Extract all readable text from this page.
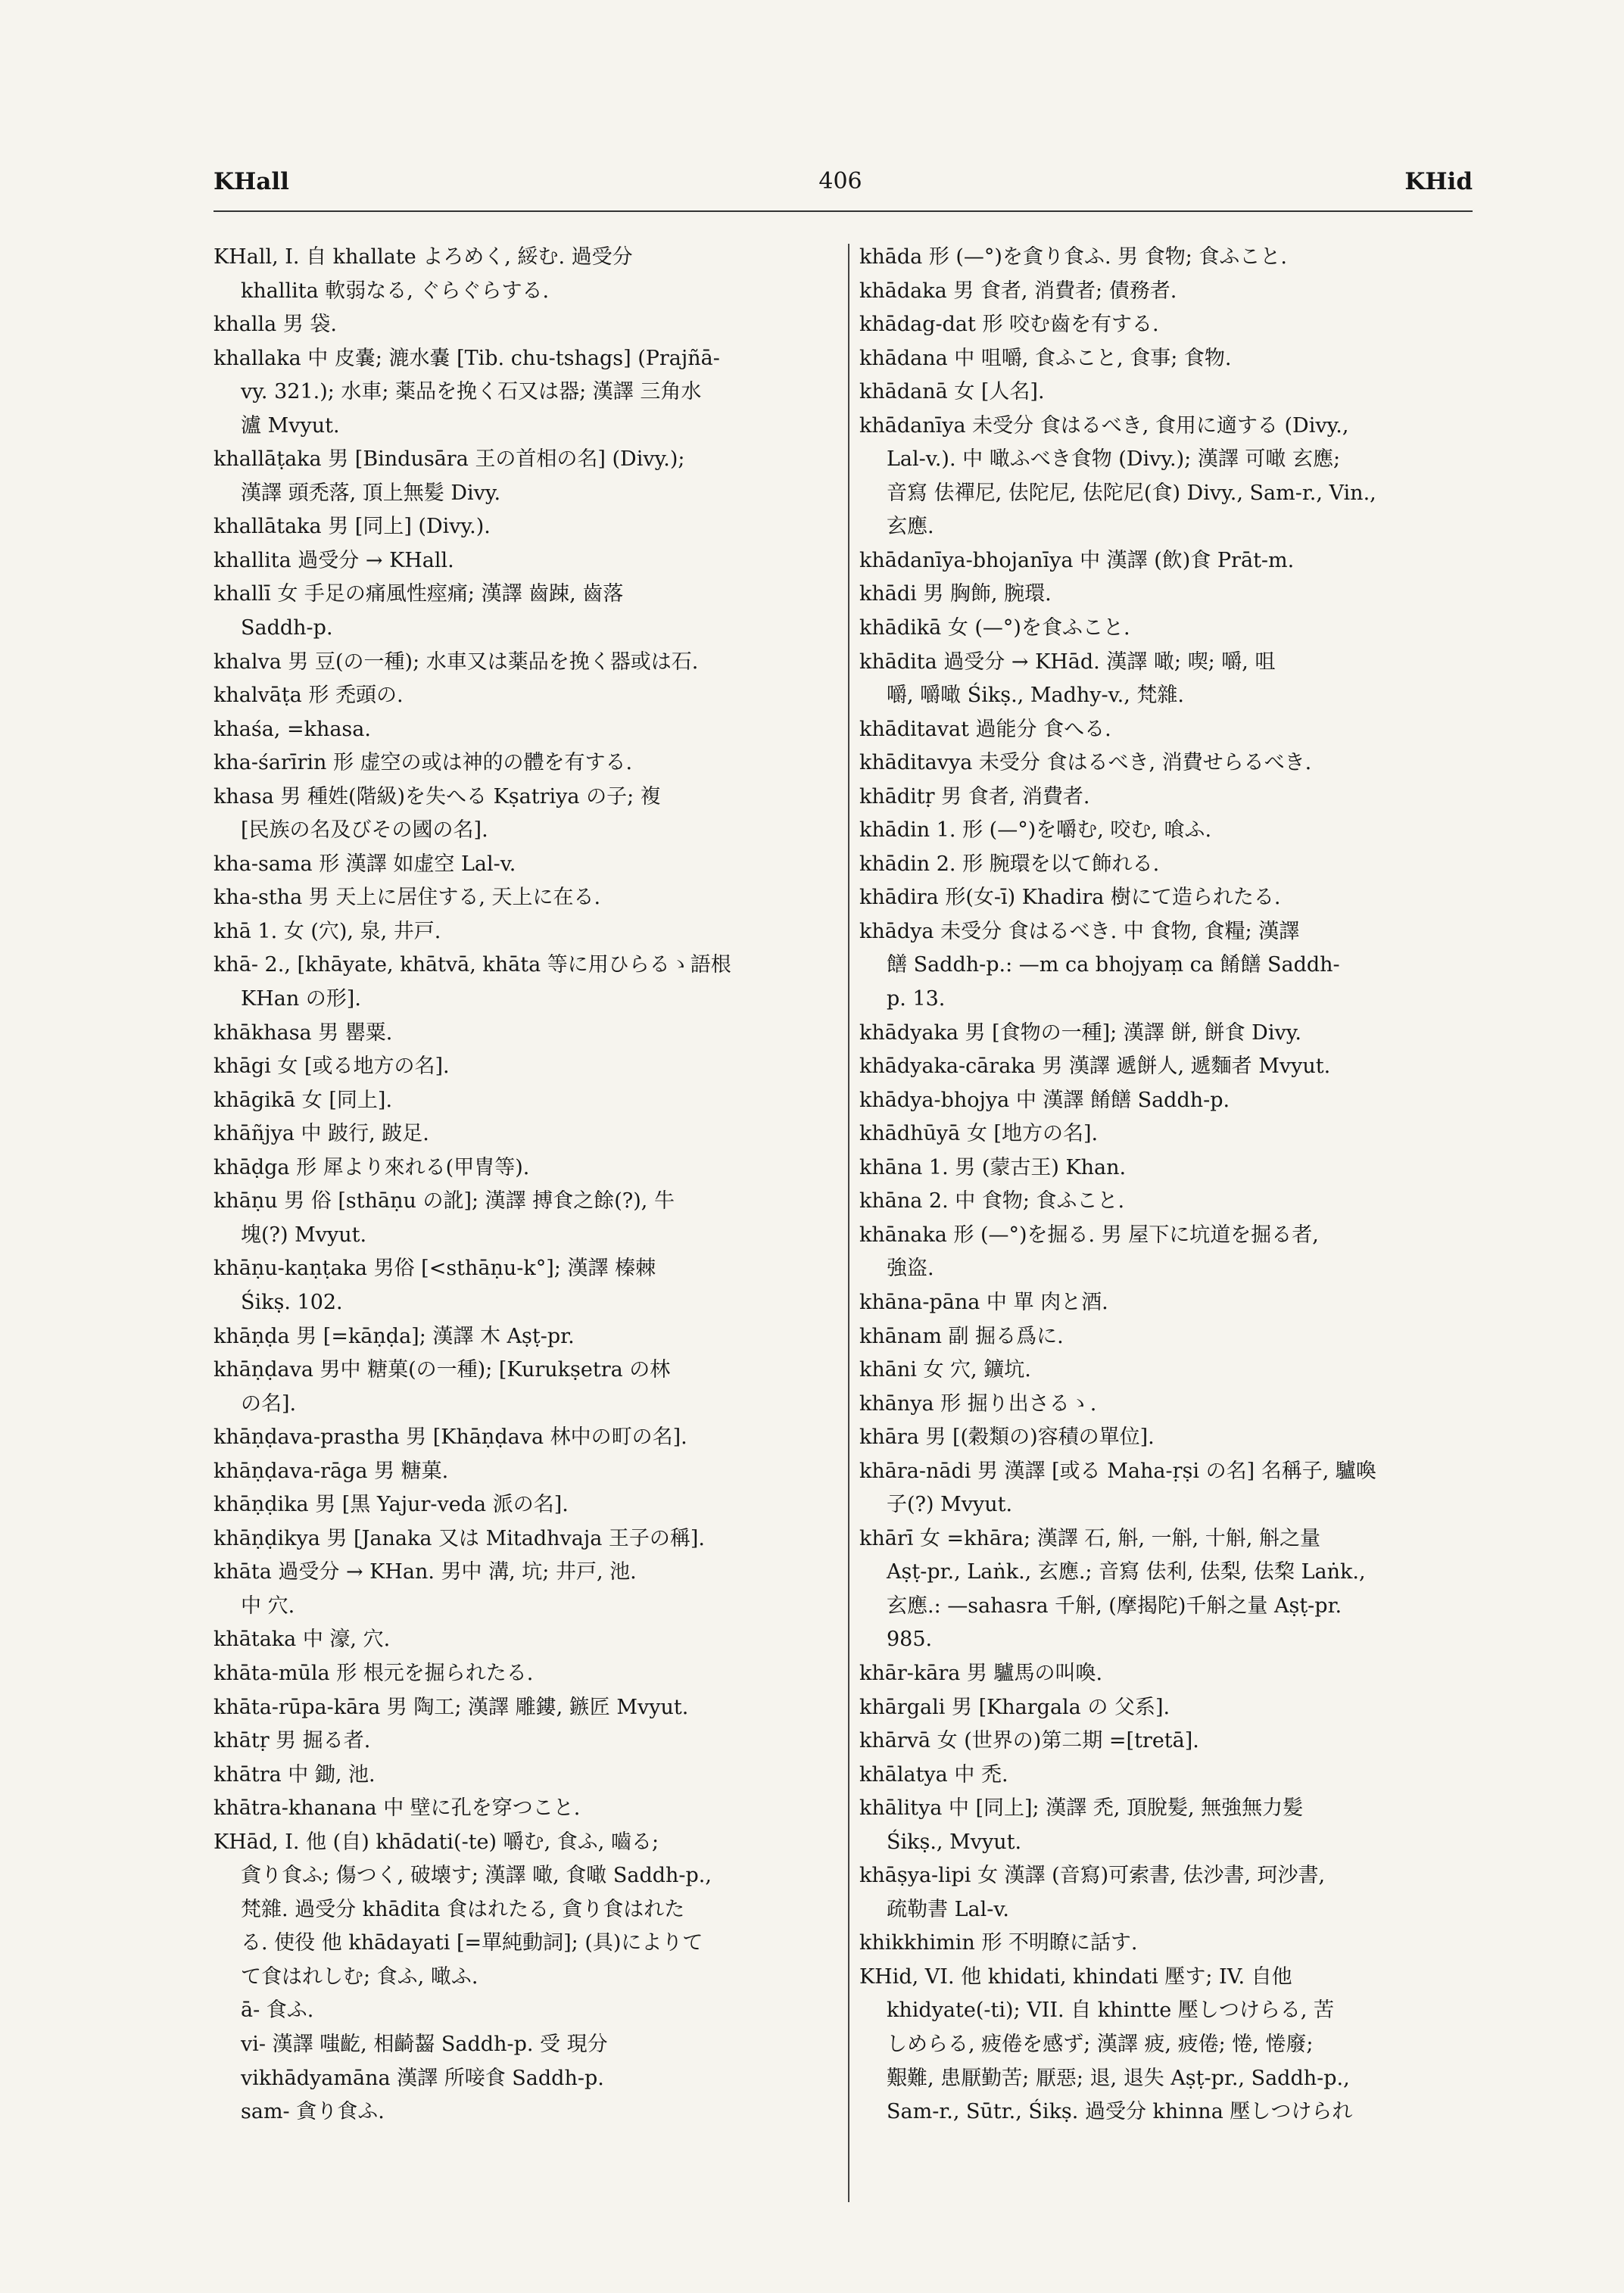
KHall	406	KHid
KHall, I. 自 khallate よろめく, 綏む. 過受分
khallita 軟弱なる, ぐらぐらする.
khalla 男 袋.
khallaka 中 皮嚢; 漉水嚢 [Tib. chu-tshags] (Prajñā-
vy. 321.); 水車; 薬品を挽く石又は器; 漢譯 三角水
瀘 Mvyut.
khallāṭaka 男 [Bindusāra 王の首相の名] (Divy.);
漢譯 頭禿落, 頂上無髪 Divy.
khallātaka 男 [同上] (Divy.).
khallita 過受分 → KHall.
khallī 女 手足の痛風性痙痛; 漢譯 齒踈, 齒落
Saddh-p.
khalva 男 豆(の一種); 水車又は薬品を挽く器或は石.
khalvāṭa 形 禿頭の.
khaśa, =khasa.
kha-śarīrin 形 虚空の或は神的の體を有する.
khasa 男 種姓(階級)を失へる Kṣatriya の子; 複
[民族の名及びその國の名].
kha-sama 形 漢譯 如虚空 Lal-v.
kha-stha 男 天上に居住する, 天上に在る.
khā 1. 女 (穴), 泉, 井戸.
khā- 2., [khāyate, khātvā, khāta 等に用ひらるゝ語根
KHan の形].
khākhasa 男 罌粟.
khāgi 女 [或る地方の名].
khāgikā 女 [同上].
khāñjya 中 跛行, 跛足.
khāḍga 形 犀より來れる(甲冑等).
khāṇu 男 俗 [sthāṇu の訛]; 漢譯 搏食之餘(?), 牛
塊(?) Mvyut.
khāṇu-kaṇṭaka 男俗 [<sthāṇu-k°]; 漢譯 榛棘
Śikṣ. 102.
khāṇḍa 男 [=kāṇḍa]; 漢譯 木 Aṣṭ-pr.
khāṇḍava 男中 糖菓(の一種); [Kurukṣetra の林
の名].
khāṇḍava-prastha 男 [Khāṇḍava 林中の町の名].
khāṇḍava-rāga 男 糖菓.
khāṇḍika 男 [黒 Yajur-veda 派の名].
khāṇḍikya 男 [Janaka 又は Mitadhvaja 王子の稱].
khāta 過受分 → KHan. 男中 溝, 坑; 井戸, 池.
中 穴.
khātaka 中 濠, 穴.
khāta-mūla 形 根元を掘られたる.
khāta-rūpa-kāra 男 陶工; 漢譯 雕鏤, 鏃匠 Mvyut.
khātṛ 男 掘る者.
khātra 中 鋤, 池.
khātra-khanana 中 壁に孔を穿つこと.
KHād, I. 他 (自) khādati(-te) 嚼む, 食ふ, 嚙る;
貪り食ふ; 傷つく, 破壊す; 漢譯 噉, 食噉 Saddh-p.,
梵雜. 過受分 khādita 食はれたる, 貪り食はれた
る. 使役 他 khādayati [=單純動詞]; (具)によりて
て食はれしむ; 食ふ, 噉ふ.
ā- 食ふ.
vi- 漢譯 嗤齕, 相齮齧 Saddh-p. 受 現分
vikhādyamāna 漢譯 所唼食 Saddh-p.
sam- 貪り食ふ.
khāda 形 (—°)を貪り食ふ. 男 食物; 食ふこと.
khādaka 男 食者, 消費者; 債務者.
khādag-dat 形 咬む齒を有する.
khādana 中 咀嚼, 食ふこと, 食事; 食物.
khādanā 女 [人名].
khādanīya 未受分 食はるべき, 食用に適する (Divy.,
Lal-v.). 中 噉ふべき食物 (Divy.); 漢譯 可噉 玄應;
音寫 佉禪尼, 佉陀尼, 佉陀尼(食) Divy., Sam-r., Vin.,
玄應.
khādanīya-bhojanīya 中 漢譯 (飲)食 Prāt-m.
khādi 男 胸飾, 腕環.
khādikā 女 (—°)を食ふこと.
khādita 過受分 → KHād. 漢譯 噉; 喫; 嚼, 咀
嚼, 嚼噉 Śikṣ., Madhy-v., 梵雜.
khāditavat 過能分 食へる.
khāditavya 未受分 食はるべき, 消費せらるべき.
khāditṛ 男 食者, 消費者.
khādin 1. 形 (—°)を嚼む, 咬む, 喰ふ.
khādin 2. 形 腕環を以て飾れる.
khādira 形(女-ī) Khadira 樹にて造られたる.
khādya 未受分 食はるべき. 中 食物, 食糧; 漢譯
饍 Saddh-p.: —m ca bhojyaṃ ca 餚饍 Saddh-
p. 13.
khādyaka 男 [食物の一種]; 漢譯 餅, 餅食 Divy.
khādyaka-cāraka 男 漢譯 遞餅人, 遞麵者 Mvyut.
khādya-bhojya 中 漢譯 餚饍 Saddh-p.
khādhūyā 女 [地方の名].
khāna 1. 男 (蒙古王) Khan.
khāna 2. 中 食物; 食ふこと.
khānaka 形 (—°)を掘る. 男 屋下に坑道を掘る者,
強盗.
khāna-pāna 中 單 肉と酒.
khānam 副 掘る爲に.
khāni 女 穴, 鑛坑.
khānya 形 掘り出さるゝ.
khāra 男 [(穀類の)容積の單位].
khāra-nādi 男 漢譯 [或る Maha-ṛṣi の名] 名稱子, 驢喚
子(?) Mvyut.
khārī 女 =khāra; 漢譯 石, 斛, 一斛, 十斛, 斛之量
Aṣṭ-pr., Laṅk., 玄應.; 音寫 佉利, 佉梨, 佉棃 Laṅk.,
玄應.: —sahasra 千斛, (摩揭陀)千斛之量 Aṣṭ-pr.
985.
khār-kāra 男 驢馬の叫喚.
khārgali 男 [Khargala の 父系].
khārvā 女 (世界の)第二期 =[tretā].
khālatya 中 禿.
khālitya 中 [同上]; 漢譯 禿, 頂脫髪, 無強無力髪
Śikṣ., Mvyut.
khāṣya-lipi 女 漢譯 (音寫)可索書, 佉沙書, 珂沙書,
疏勒書 Lal-v.
khikkhimin 形 不明瞭に話す.
KHid, VI. 他 khidati, khindati 壓す; IV. 自他
khidyate(-ti); VII. 自 khintte 壓しつけらる, 苦
しめらる, 疲倦を感ず; 漢譯 疲, 疲倦; 惓, 惓廢;
艱難, 患厭勤苦; 厭惡; 退, 退失 Aṣṭ-pr., Saddh-p.,
Sam-r., Sūtr., Śikṣ. 過受分 khinna 壓しつけられ
